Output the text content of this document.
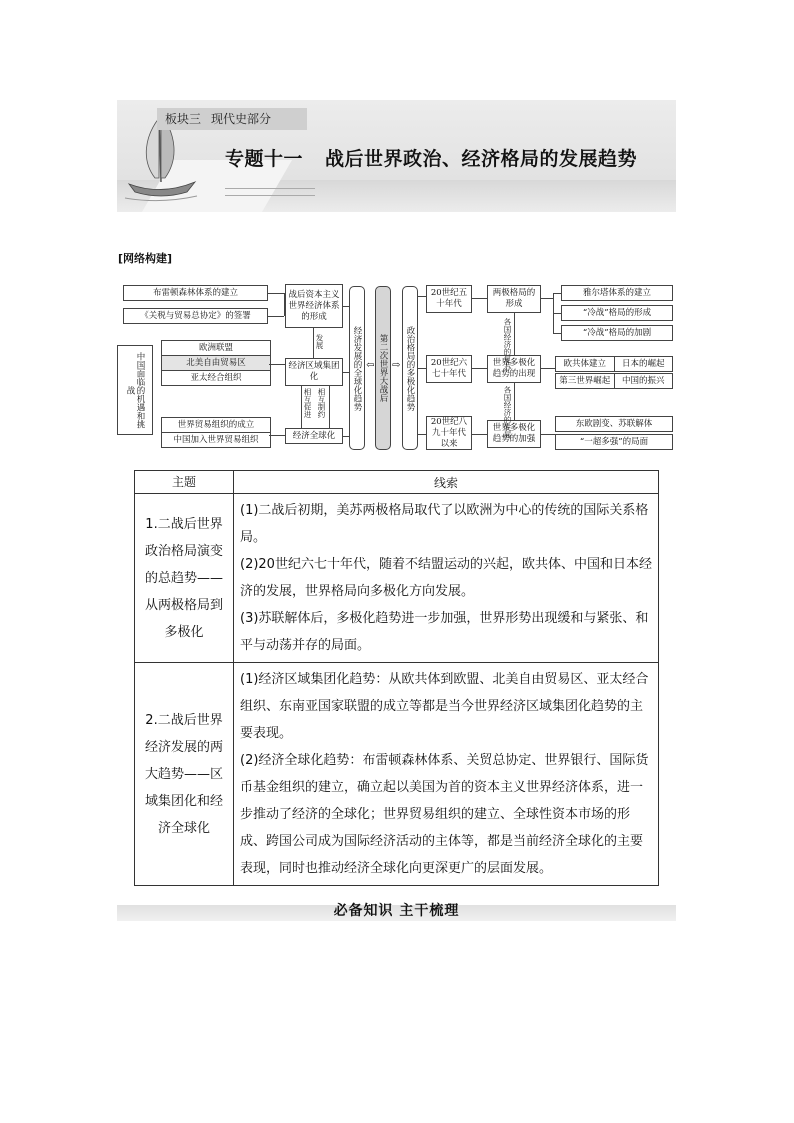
板块三 现代史部分
专题十一 战后世界政治、经济格局的发展趋势
[网络构建]
中国面临的机遇和挑战
布雷顿森林体系的建立
《关税与贸易总协定》的签署
战后资本主义世界经济体系的形成
发展
欧洲联盟
北美自由贸易区
亚太经合组织
经济区域集团化
相互促进 相互制约
世界贸易组织的成立
中国加入世界贸易组织	经济全球化
经济发展的全球化趋势 ⇦ 第二次世界大战后 ⇨ 政治格局的多极化趋势
20世纪五十年代
20世纪六七十年代
20世纪八九十年代以来
两极格局的形成
世界多极化趋势的出现
世界多极化趋势的加强
各国经济的复苏
各国经济的发展
雅尔塔体系的建立
“冷战”格局的形成
“冷战”格局的加剧
欧共体建立	日本的崛起
第三世界崛起	中国的振兴
东欧剧变、苏联解体
“一超多强”的局面
主题	线索
1.二战后世界政治格局演变的总趋势——从两极格局到多极化	(1)二战后初期，美苏两极格局取代了以欧洲为中心的传统的国际关系格局。

(2)20世纪六七十年代，随着不结盟运动的兴起，欧共体、中国和日本经济的发展，世界格局向多极化方向发展。

(3)苏联解体后，多极化趋势进一步加强，世界形势出现缓和与紧张、和平与动荡并存的局面。

2.二战后世界经济发展的两大趋势——区域集团化和经济全球化	(1)经济区域集团化趋势：从欧共体到欧盟、北美自由贸易区、亚太经合组织、东南亚国家联盟的成立等都是当今世界经济区域集团化趋势的主要表现。

(2)经济全球化趋势：布雷顿森林体系、关贸总协定、世界银行、国际货币基金组织的建立，确立起以美国为首的资本主义世界经济体系，进一步推动了经济的全球化；世界贸易组织的建立、全球性资本市场的形成、跨国公司成为国际经济活动的主体等，都是当前经济全球化的主要表现，同时也推动经济全球化向更深更广的层面发展。

必备知识 主干梳理
